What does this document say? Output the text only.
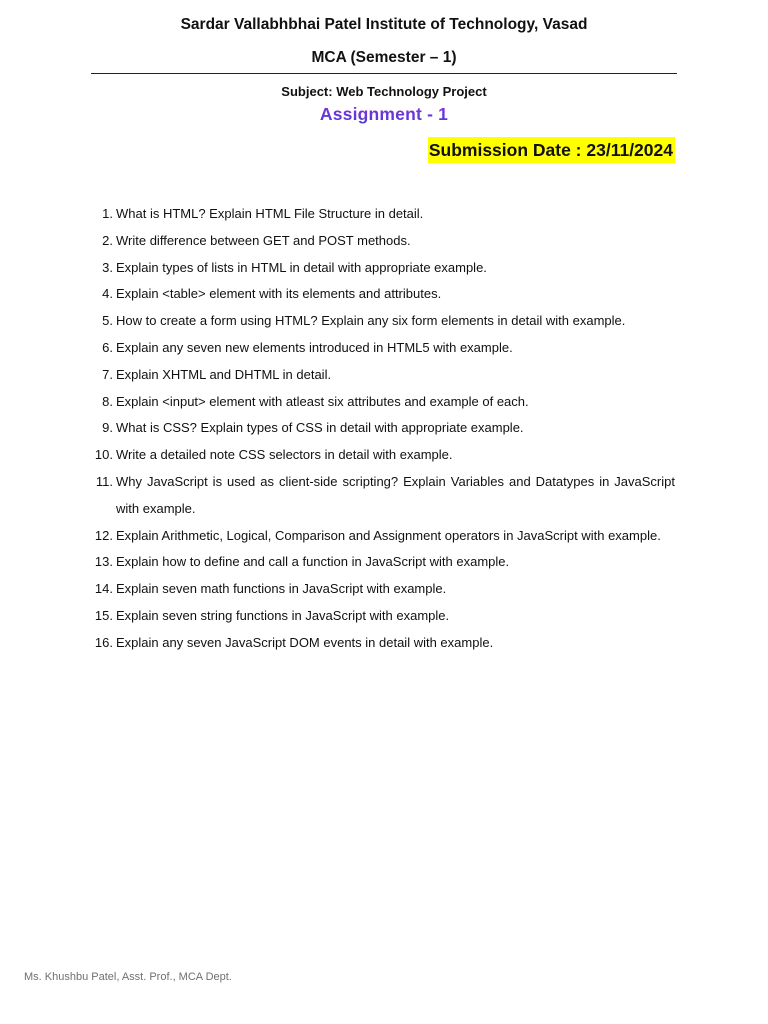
Sardar Vallabhbhai Patel Institute of Technology, Vasad
MCA (Semester – 1)
Subject: Web Technology Project
Assignment - 1
Submission Date : 23/11/2024
1. What is HTML? Explain HTML File Structure in detail.
2. Write difference between GET and POST methods.
3. Explain types of lists in HTML in detail with appropriate example.
4. Explain <table> element with its elements and attributes.
5. How to create a form using HTML? Explain any six form elements in detail with example.
6. Explain any seven new elements introduced in HTML5 with example.
7. Explain XHTML and DHTML in detail.
8. Explain <input> element with atleast six attributes and example of each.
9. What is CSS? Explain types of CSS in detail with appropriate example.
10. Write a detailed note CSS selectors in detail with example.
11. Why JavaScript is used as client-side scripting? Explain Variables and Datatypes in JavaScript with example.
12. Explain Arithmetic, Logical, Comparison and Assignment operators in JavaScript with example.
13. Explain how to define and call a function in JavaScript with example.
14. Explain seven math functions in JavaScript with example.
15. Explain seven string functions in JavaScript with example.
16. Explain any seven JavaScript DOM events in detail with example.
Ms. Khushbu Patel, Asst. Prof., MCA Dept.
